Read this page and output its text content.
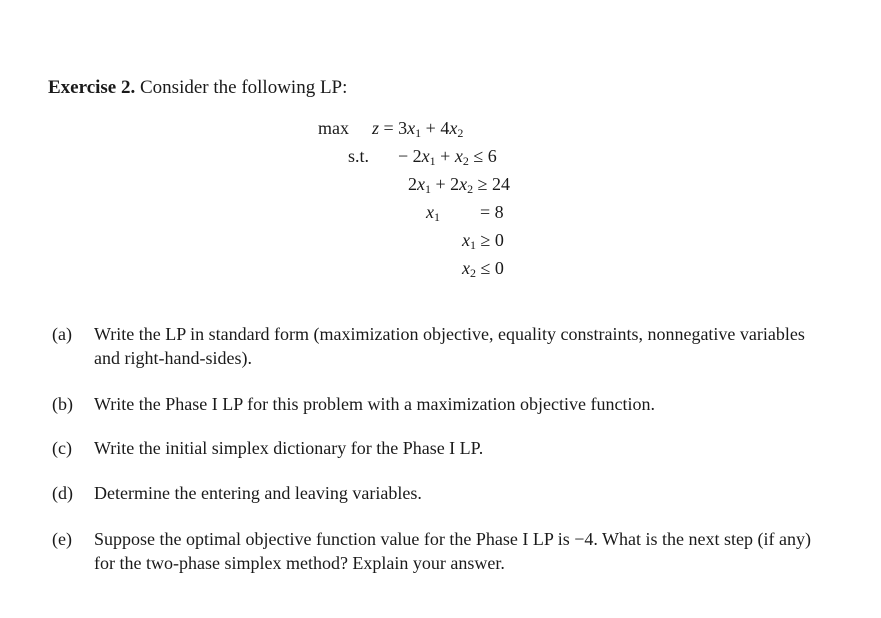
Exercise 2. Consider the following LP:
$\max z = 3x_1 + 4x_2$
s.t. − $2x_1 + x_2 \le 6$
$2x_1 + 2x_2 \ge 24$
$x_1 = 8$
$x_1 \ge 0$
$x_2 \le 0$
(a) Write the LP in standard form (maximization objective, equality constraints, nonnegative variables and right-hand-sides).
(b) Write the Phase I LP for this problem with a maximization objective function.
(c) Write the initial simplex dictionary for the Phase I LP.
(d) Determine the entering and leaving variables.
(e) Suppose the optimal objective function value for the Phase I LP is −4. What is the next step (if any) for the two-phase simplex method? Explain your answer.
